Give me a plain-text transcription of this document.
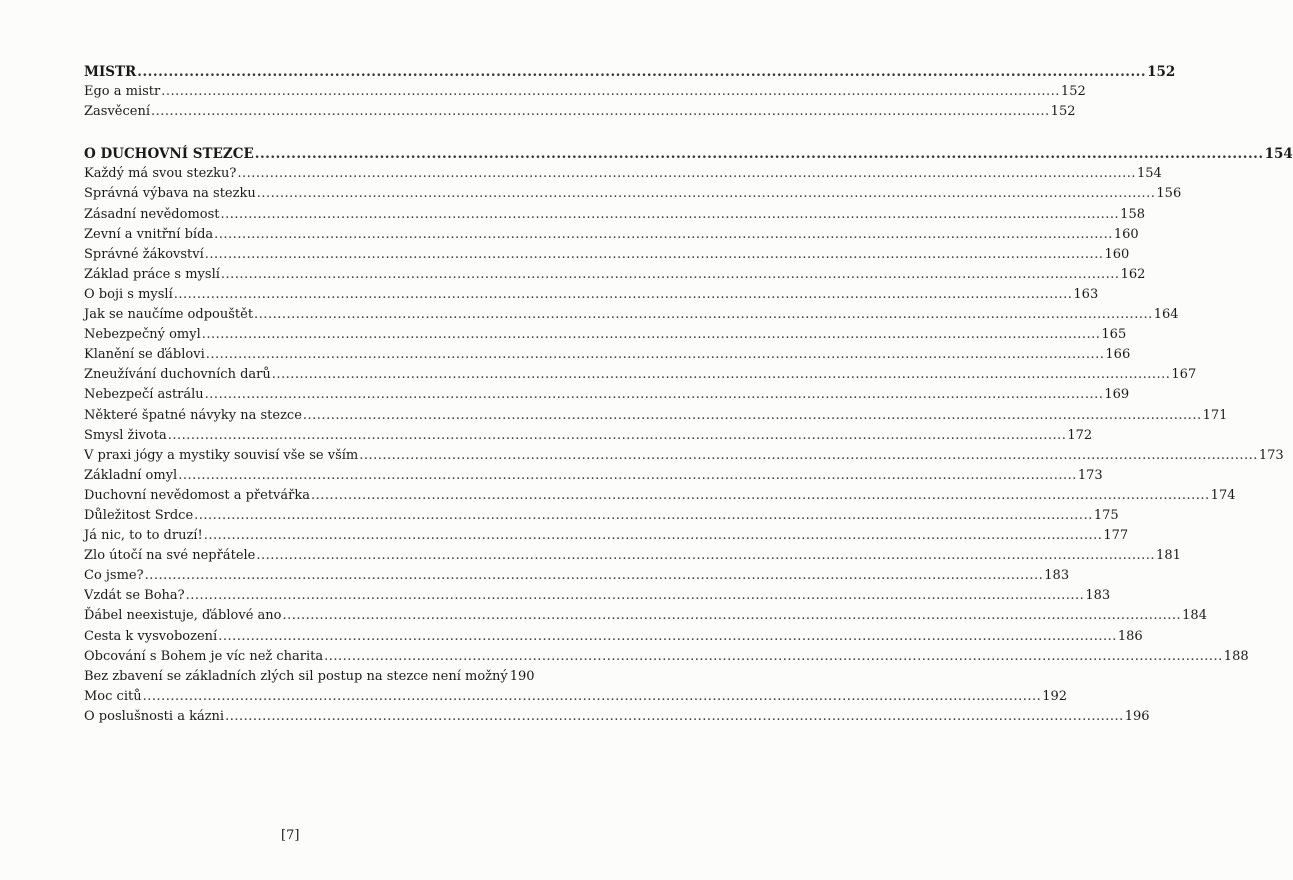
MISTR .....	152
Ego a mistr .....	152
Zasvěcení .....	152
O DUCHOVNÍ STEZCE .....	154
Každý má svou stezku? .....	154
Správná výbava na stezku .....	156
Zásadní nevědomost .....	158
Zevní a vnitřní bída .....	160
Správné žákovství .....	160
Základ práce s myslí .....	162
O boji s myslí .....	163
Jak se naučíme odpouštět .....	164
Nebezpečný omyl .....	165
Klanění se ďáblovi .....	166
Zneužívání duchovních darů .....	167
Nebezpečí astrálu .....	169
Některé špatné návyky na stezce .....	171
Smysl života .....	172
V praxi jógy a mystiky souvisí vše se vším .....	173
Základní omyl .....	173
Duchovní nevědomost a přetvářka .....	174
Důležitost Srdce .....	175
Já nic, to to druzí! .....	177
Zlo útočí na své nepřátele .....	181
Co jsme? .....	183
Vzdát se Boha? .....	183
Ďábel neexistuje, ďáblové ano .....	184
Cesta k vysvobození .....	186
Obcování s Bohem je víc než charita .....	188
Bez zbavení se základních zlých sil postup na stezce není možný 190
Moc citů .....	192
O poslušnosti a kázni .....	196
[7]
